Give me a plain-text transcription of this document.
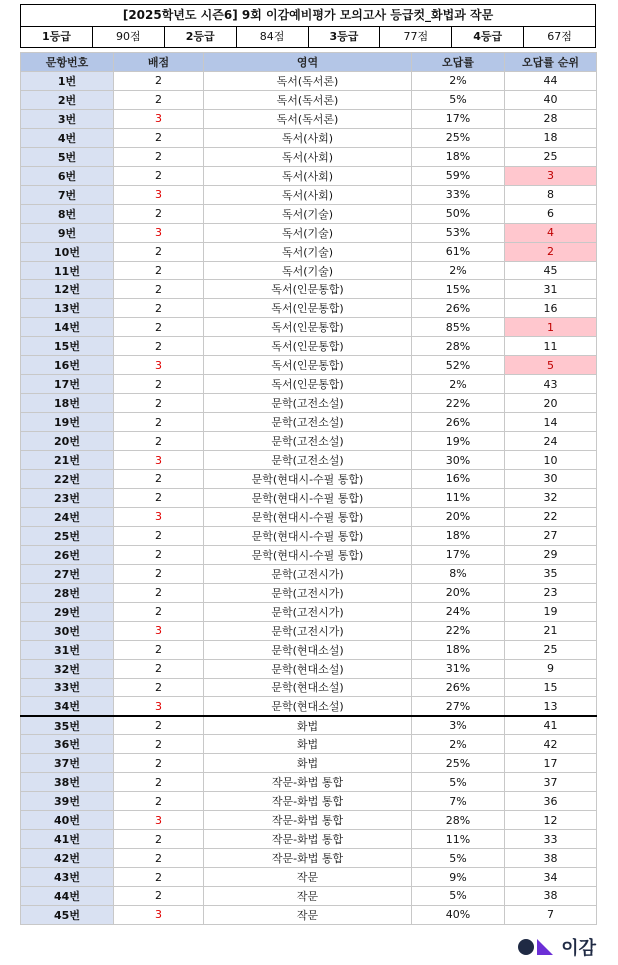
[2025학년도 시즌6] 9회 이감예비평가 모의고사 등급컷_화법과 작문
1등급	90점	2등급	84점	3등급	77점	4등급	67점
문항번호	배점	영역	오답률	오답률 순위
1번	2	독서(독서론)	2%	44
2번	2	독서(독서론)	5%	40
3번	3	독서(독서론)	17%	28
4번	2	독서(사회)	25%	18
5번	2	독서(사회)	18%	25
6번	2	독서(사회)	59%	3
7번	3	독서(사회)	33%	8
8번	2	독서(기술)	50%	6
9번	3	독서(기술)	53%	4
10번	2	독서(기술)	61%	2
11번	2	독서(기술)	2%	45
12번	2	독서(인문통합)	15%	31
13번	2	독서(인문통합)	26%	16
14번	2	독서(인문통합)	85%	1
15번	2	독서(인문통합)	28%	11
16번	3	독서(인문통합)	52%	5
17번	2	독서(인문통합)	2%	43
18번	2	문학(고전소설)	22%	20
19번	2	문학(고전소설)	26%	14
20번	2	문학(고전소설)	19%	24
21번	3	문학(고전소설)	30%	10
22번	2	문학(현대시-수필 통합)	16%	30
23번	2	문학(현대시-수필 통합)	11%	32
24번	3	문학(현대시-수필 통합)	20%	22
25번	2	문학(현대시-수필 통합)	18%	27
26번	2	문학(현대시-수필 통합)	17%	29
27번	2	문학(고전시가)	8%	35
28번	2	문학(고전시가)	20%	23
29번	2	문학(고전시가)	24%	19
30번	3	문학(고전시가)	22%	21
31번	2	문학(현대소설)	18%	25
32번	2	문학(현대소설)	31%	9
33번	2	문학(현대소설)	26%	15
34번	3	문학(현대소설)	27%	13
35번	2	화법	3%	41
36번	2	화법	2%	42
37번	2	화법	25%	17
38번	2	작문-화법 통합	5%	37
39번	2	작문-화법 통합	7%	36
40번	3	작문-화법 통합	28%	12
41번	2	작문-화법 통합	11%	33
42번	2	작문-화법 통합	5%	38
43번	2	작문	9%	34
44번	2	작문	5%	38
45번	3	작문	40%	7
이감
